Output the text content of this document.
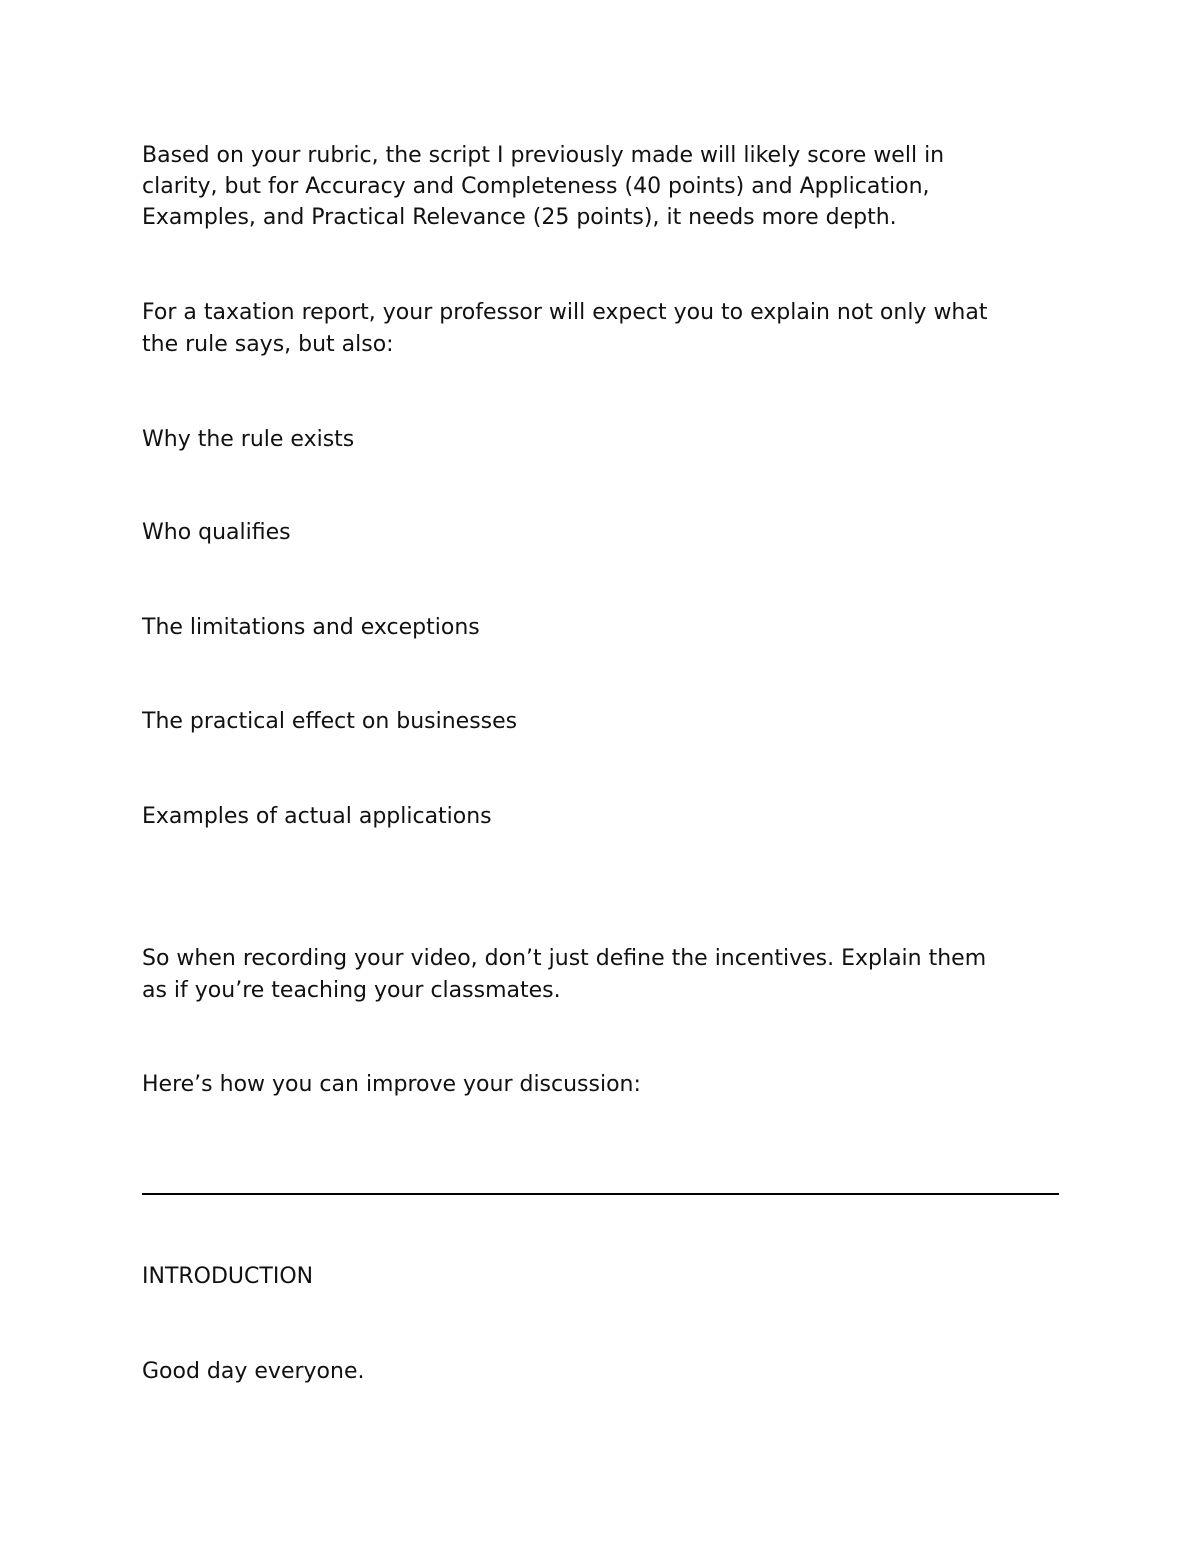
Based on your rubric, the script I previously made will likely score well in

clarity, but for Accuracy and Completeness (40 points) and Application,

Examples, and Practical Relevance (25 points), it needs more depth.

For a taxation report, your professor will expect you to explain not only what

the rule says, but also:

Why the rule exists

Who qualifies

The limitations and exceptions

The practical effect on businesses

Examples of actual applications

So when recording your video, don’t just define the incentives. Explain them

as if you’re teaching your classmates.

Here’s how you can improve your discussion:

INTRODUCTION

Good day everyone.
